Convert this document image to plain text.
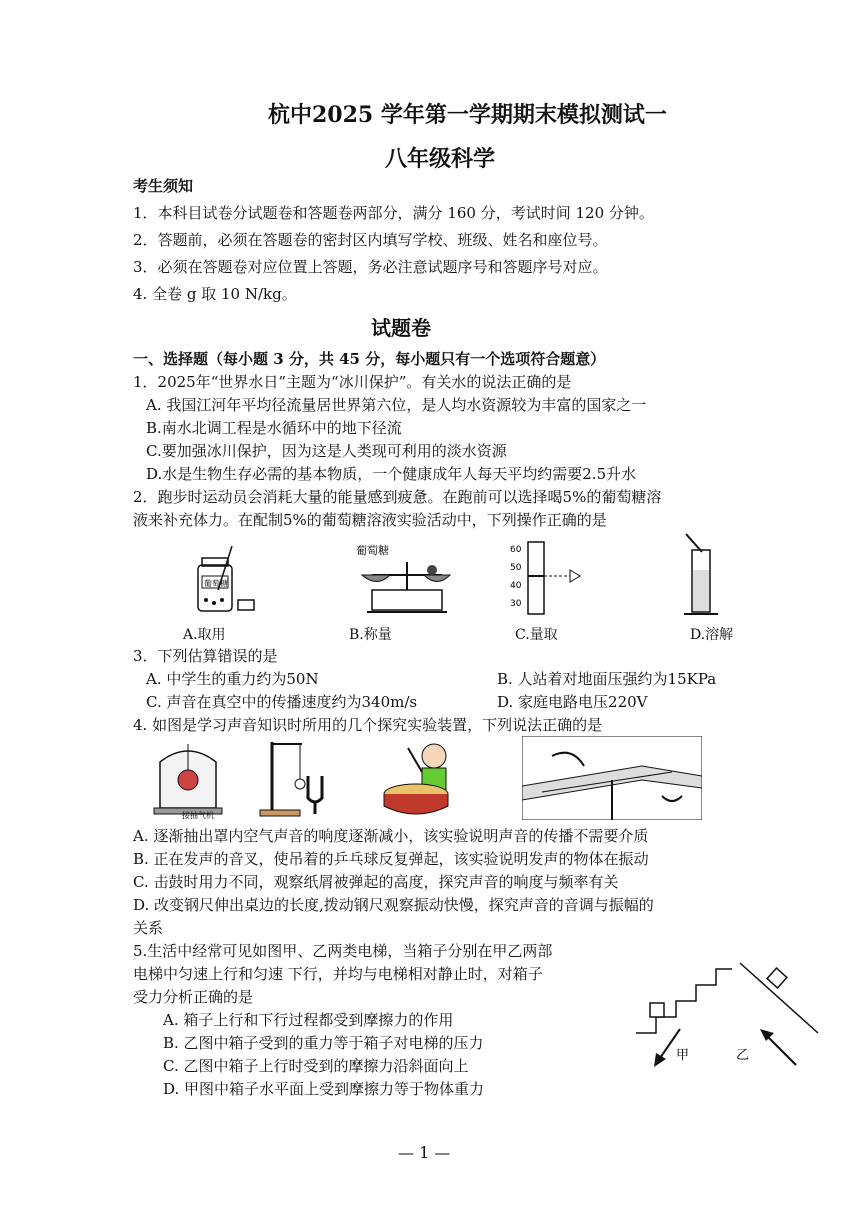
杭中2025 学年第一学期期末模拟测试一
八年级科学
考生须知
1．本科目试卷分试题卷和答题卷两部分，满分 160 分，考试时间 120 分钟。
2．答题前，必须在答题卷的密封区内填写学校、班级、姓名和座位号。
3．必须在答题卷对应位置上答题，务必注意试题序号和答题序号对应。
4. 全卷 g 取 10 N/kg。
试题卷
一、选择题（每小题 3 分，共 45 分，每小题只有一个选项符合题意）
1．2025年“世界水日”主题为“冰川保护”。有关水的说法正确的是
A. 我国江河年平均径流量居世界第六位，是人均水资源较为丰富的国家之一
B.南水北调工程是水循环中的地下径流
C.要加强冰川保护，因为这是人类现可利用的淡水资源
D.水是生物生存必需的基本物质，一个健康成年人每天平均约需要2.5升水
2．跑步时运动员会消耗大量的能量感到疲惫。在跑前可以选择喝5%的葡萄糖溶
液来补充体力。在配制5%的葡萄糖溶液实验活动中，下列操作正确的是
葡萄糖
葡萄糖	60
50
40
30
A.取用	B.称量	C.量取	D.溶解
3．下列估算错误的是
A. 中学生的重力约为50N	B. 人站着对地面压强约为15KPa
C. 声音在真空中的传播速度约为340m/s	D. 家庭电路电压220V
4. 如图是学习声音知识时所用的几个探究实验装置，下列说法正确的是
接抽气机
A. 逐渐抽出罩内空气声音的响度逐渐减小，该实验说明声音的传播不需要介质
B. 正在发声的音叉，使吊着的乒乓球反复弹起，该实验说明发声的物体在振动
C. 击鼓时用力不同，观察纸屑被弹起的高度，探究声音的响度与频率有关
D. 改变钢尺伸出桌边的长度,拨动钢尺观察振动快慢，探究声音的音调与振幅的
关系
5.生活中经常可见如图甲、乙两类电梯，当箱子分别在甲乙两部
电梯中匀速上行和匀速 下行，并均与电梯相对静止时，对箱子
受力分析正确的是
A. 箱子上行和下行过程都受到摩擦力的作用
B. 乙图中箱子受到的重力等于箱子对电梯的压力
C. 乙图中箱子上行时受到的摩擦力沿斜面向上
D. 甲图中箱子水平面上受到摩擦力等于物体重力
甲	乙
— 1 —
